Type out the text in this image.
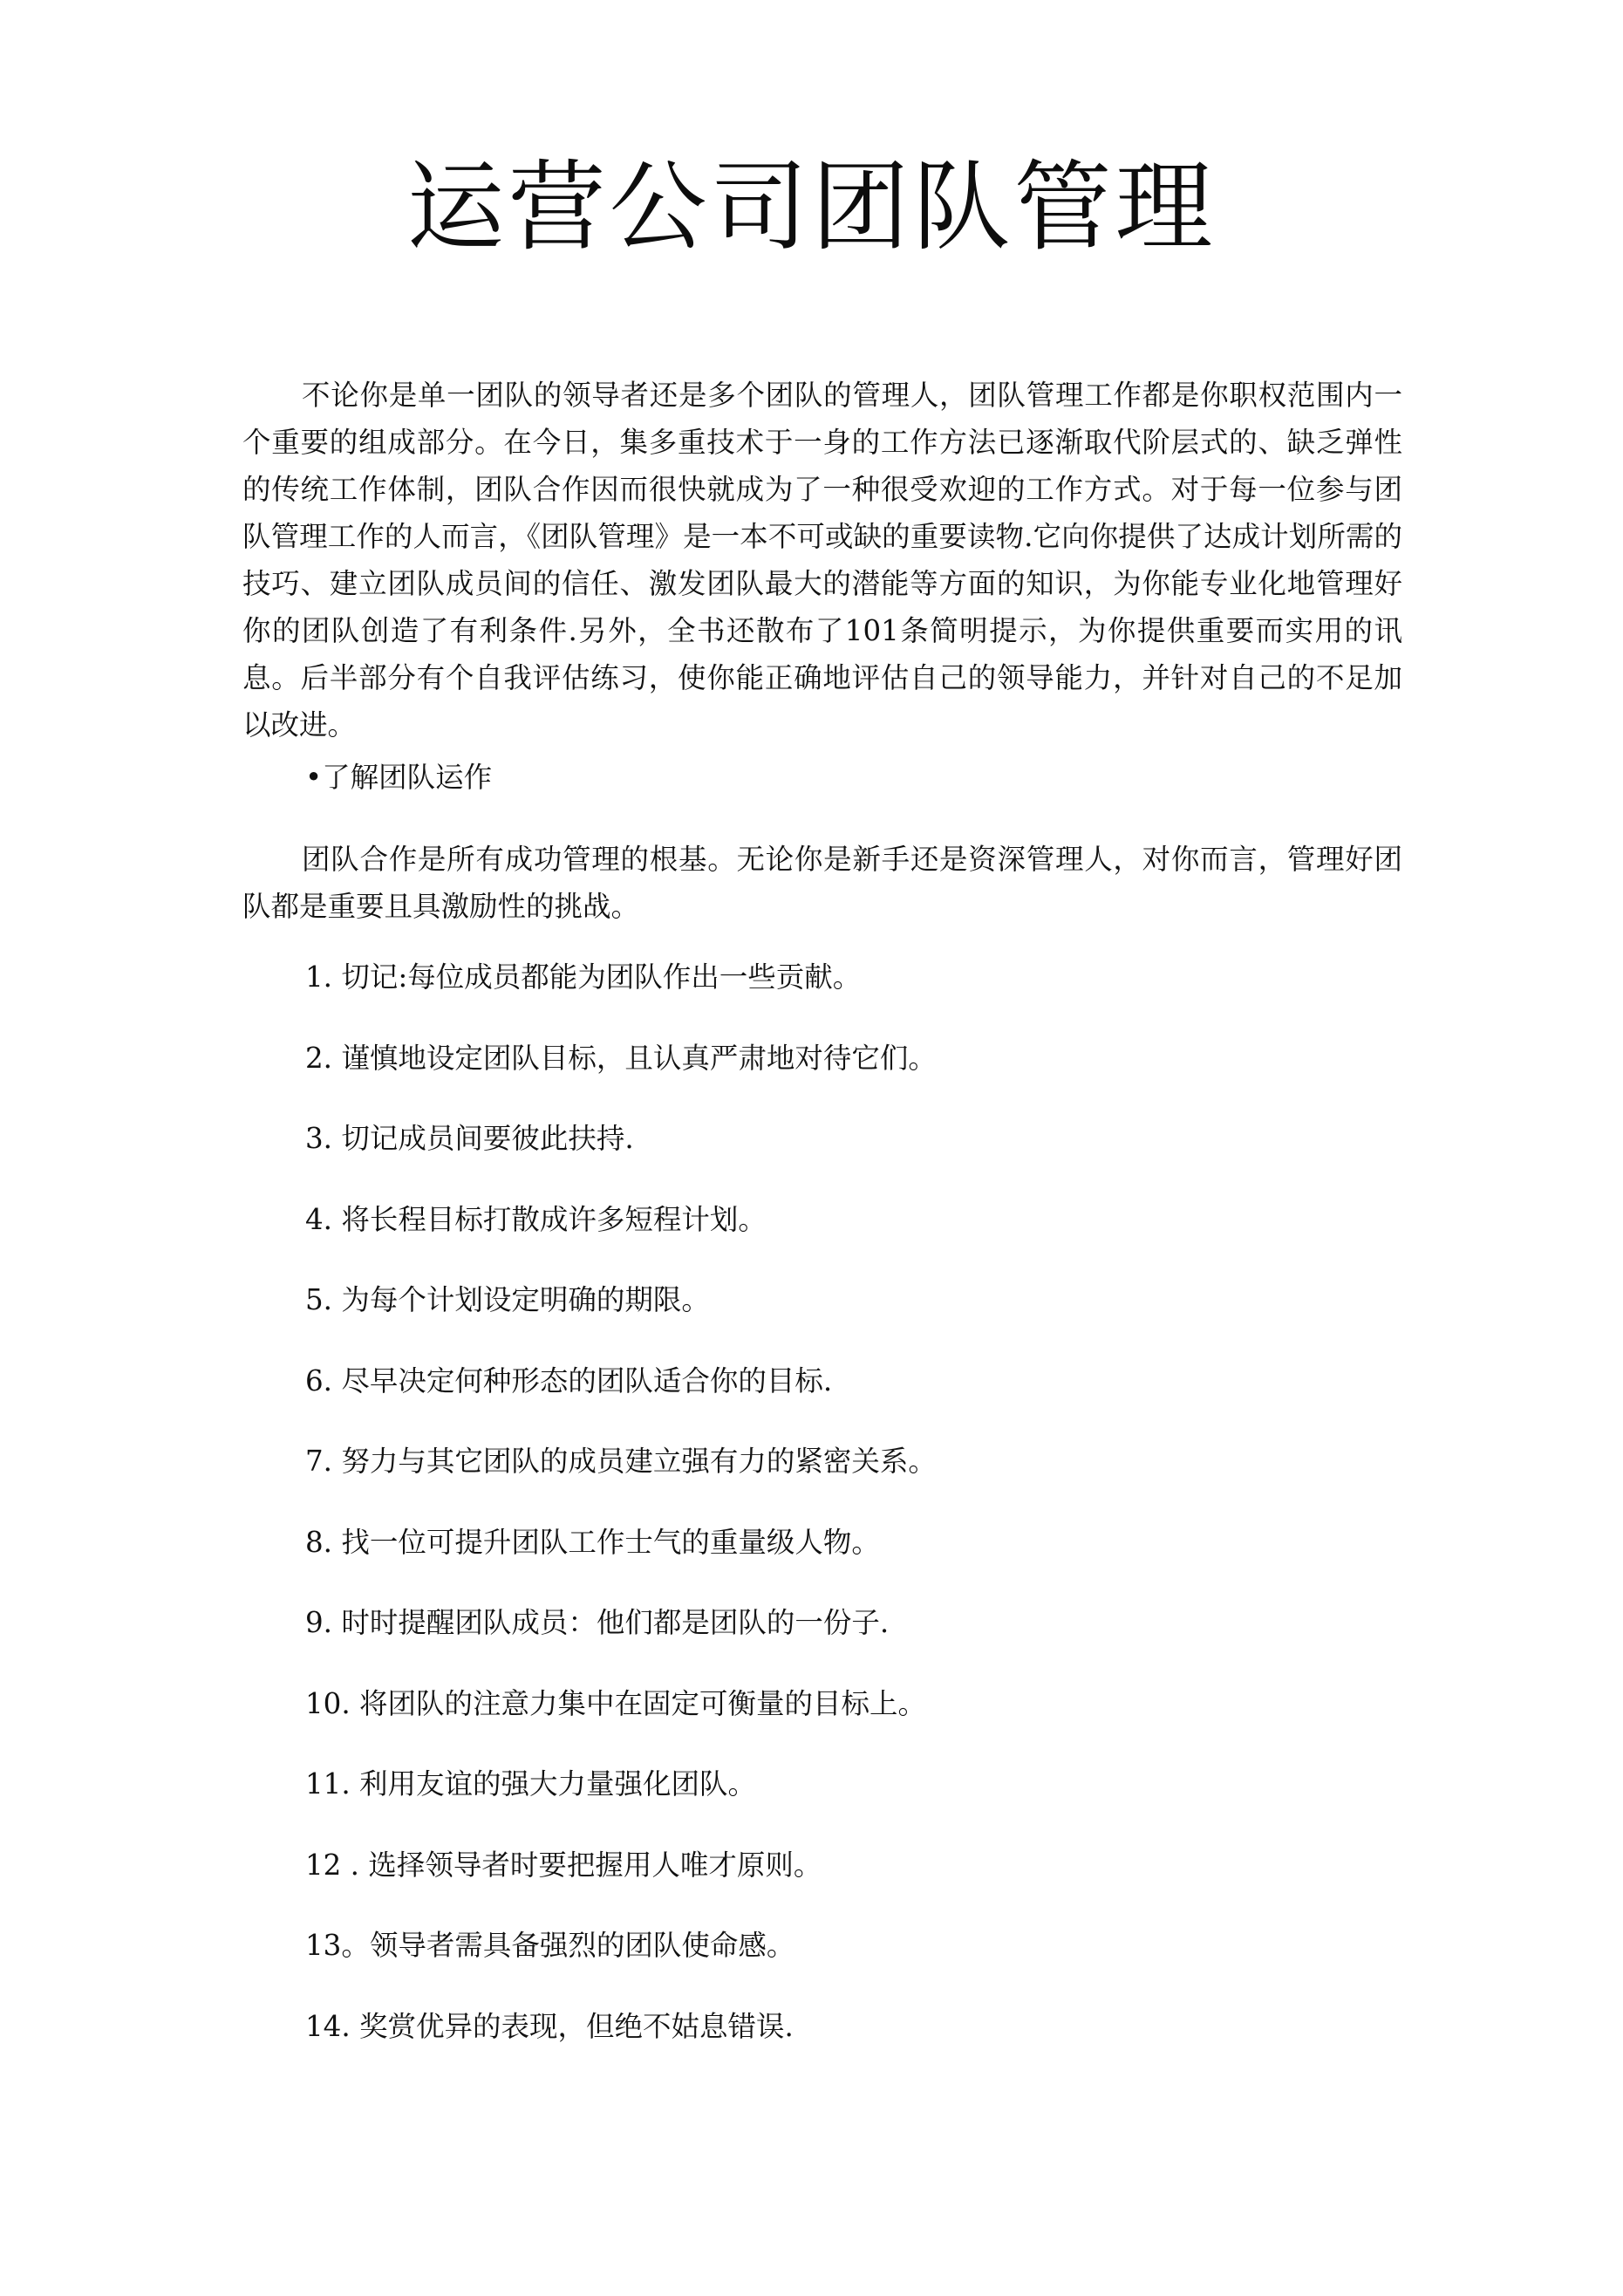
运营公司团队管理

不论你是单一团队的领导者还是多个团队的管理人，团队管理工作都是你职权范围内一个重要的组成部分。在今日，集多重技术于一身的工作方法已逐渐取代阶层式的、缺乏弹性的传统工作体制，团队合作因而很快就成为了一种很受欢迎的工作方式。对于每一位参与团队管理工作的人而言，《团队管理》是一本不可或缺的重要读物.它向你提供了达成计划所需的技巧、建立团队成员间的信任、激发团队最大的潜能等方面的知识，为你能专业化地管理好你的团队创造了有利条件.另外，全书还散布了101条简明提示，为你提供重要而实用的讯息。后半部分有个自我评估练习，使你能正确地评估自己的领导能力，并针对自己的不足加以改进。

•了解团队运作

团队合作是所有成功管理的根基。无论你是新手还是资深管理人，对你而言，管理好团队都是重要且具激励性的挑战。

1. 切记:每位成员都能为团队作出一些贡献。
2. 谨慎地设定团队目标，且认真严肃地对待它们。
3. 切记成员间要彼此扶持.
4. 将长程目标打散成许多短程计划。
5. 为每个计划设定明确的期限。
6. 尽早决定何种形态的团队适合你的目标.
7. 努力与其它团队的成员建立强有力的紧密关系。
8. 找一位可提升团队工作士气的重量级人物。
9. 时时提醒团队成员：他们都是团队的一份子.
10. 将团队的注意力集中在固定可衡量的目标上。
11. 利用友谊的强大力量强化团队。
12 . 选择领导者时要把握用人唯才原则。
13。领导者需具备强烈的团队使命感。
14. 奖赏优异的表现，但绝不姑息错误.
